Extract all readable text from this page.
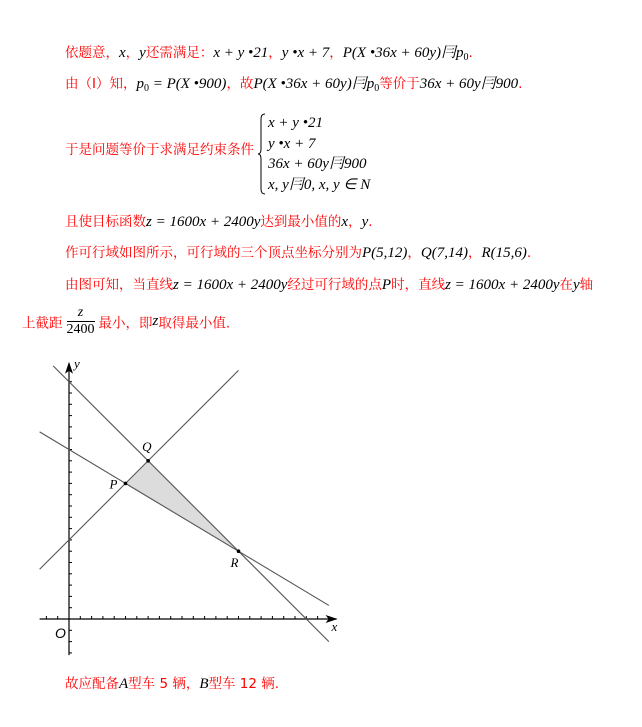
依题意，x，y还需满足：x + y •21，y •x + 7，P(X •36x + 60y)冃$p_0$.
由（Ⅰ）知，$p_0 = P(X$ •900)，故P(X •36x + 60y)冃$p_0$等价于36x + 60y冃900.
于是问题等价于求满足约束条件
x + y •21
y •x + 7
36x + 60y冃900
x, y冃0, x, y ∈ N
且使目标函数z = 1600x + 2400y达到最小值的x，y.
作可行域如图所示，可行域的三个顶点坐标分别为P(5,12)，Q(7,14)，R(15,6).
由图可知，当直线z = 1600x + 2400y经过可行域的点P时，直线z = 1600x + 2400y在y轴
上截距 $\frac{z}{2400}$ 最小，即z取得最小值.
P
Q
R
x
y
O
故应配备A型车 5 辆，B型车 12 辆.
